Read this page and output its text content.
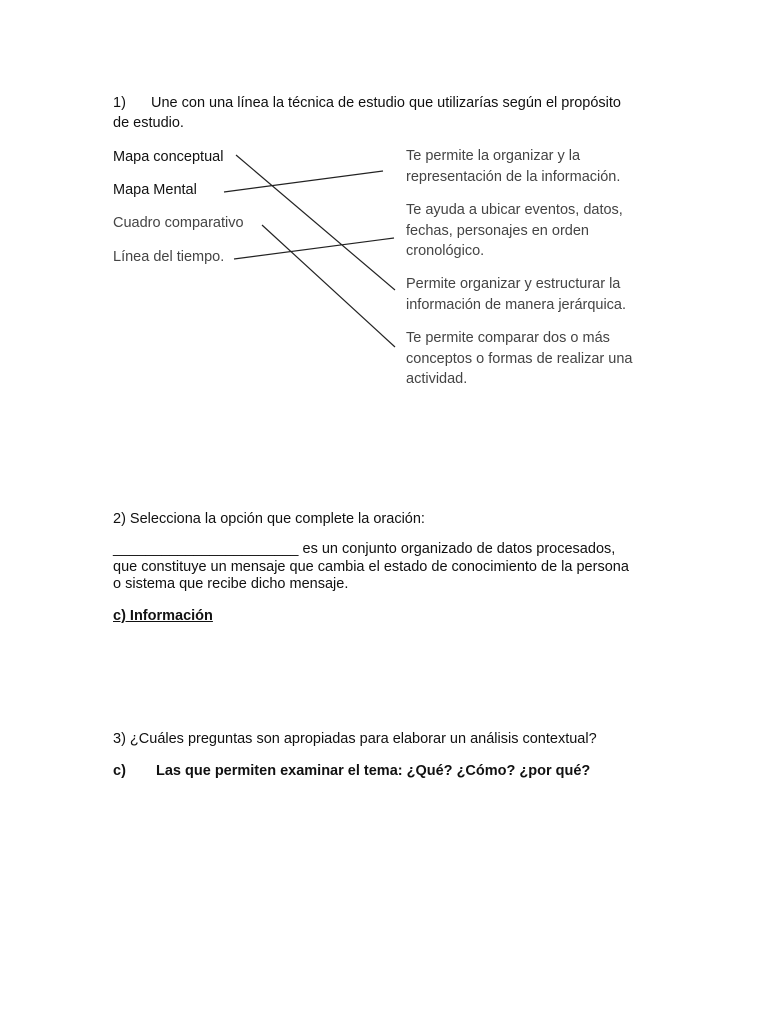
1) Une con una línea la técnica de estudio que utilizarías según el propósito
de estudio.
Mapa conceptual
Mapa Mental
Cuadro comparativo
Línea del tiempo.
Te permite la organizar y la
representación de la información.
Te ayuda a ubicar eventos, datos,
fechas, personajes en orden
cronológico.
Permite organizar y estructurar la
información de manera jerárquica.
Te permite comparar dos o más
conceptos o formas de realizar una
actividad.
2) Selecciona la opción que complete la oración:
_______________________ es un conjunto organizado de datos procesados,
que constituye un mensaje que cambia el estado de conocimiento de la persona
o sistema que recibe dicho mensaje.
c) Información
3) ¿Cuáles preguntas son apropiadas para elaborar un análisis contextual?
c) Las que permiten examinar el tema: ¿Qué? ¿Cómo? ¿por qué?
